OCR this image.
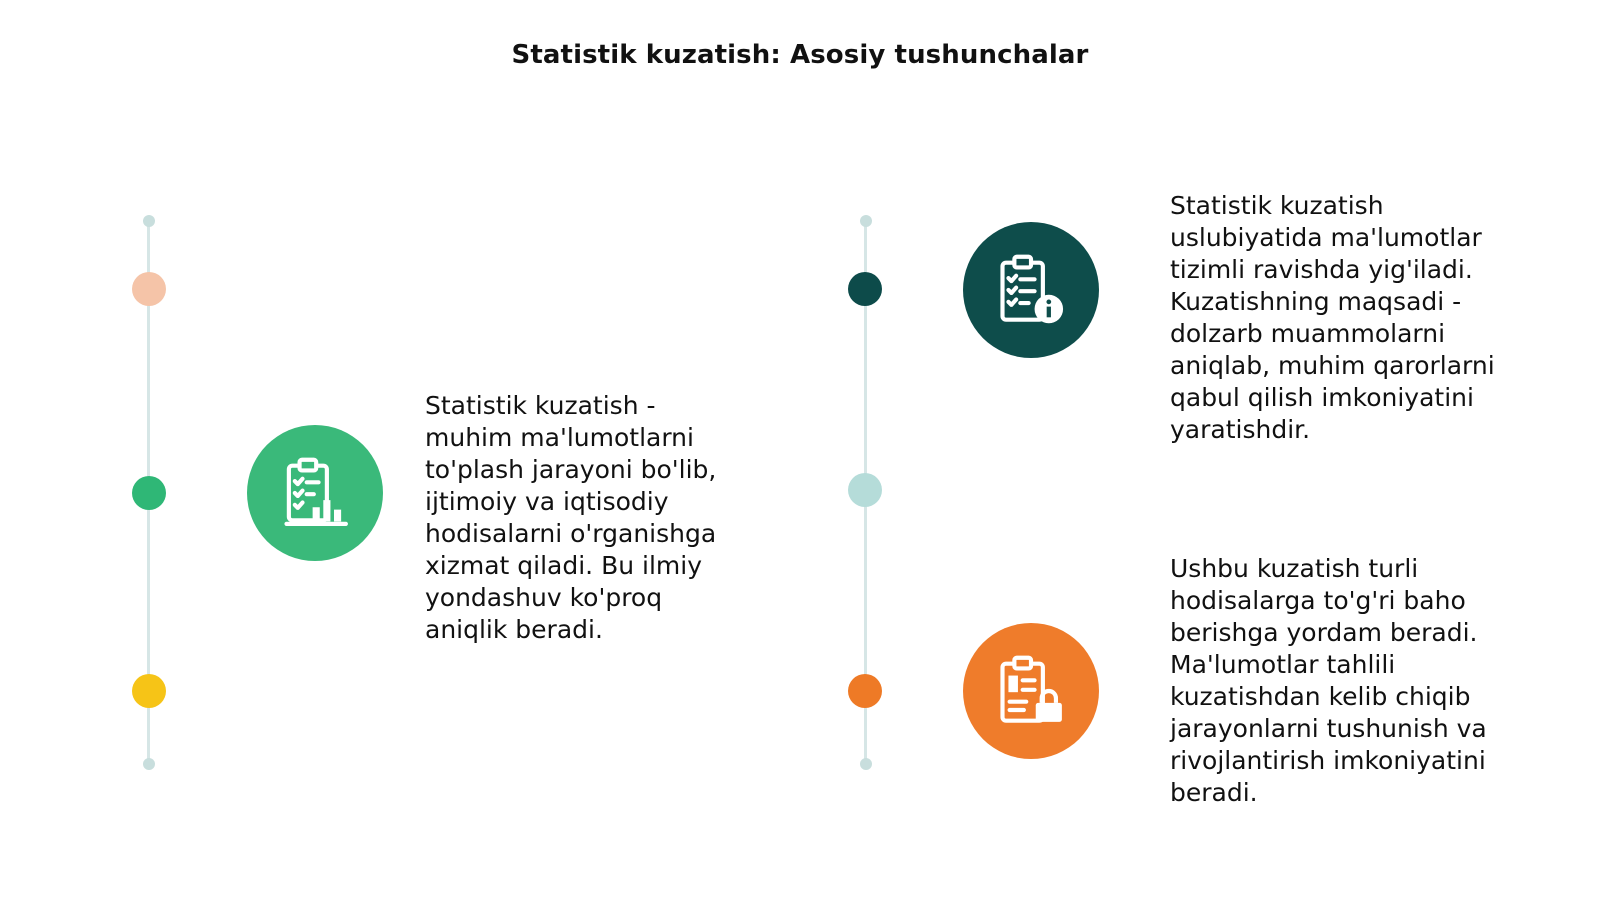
Statistik kuzatish: Asosiy tushunchalar
Statistik kuzatish -
muhim ma'lumotlarni
to'plash jarayoni bo'lib,
ijtimoiy va iqtisodiy
hodisalarni o'rganishga
xizmat qiladi. Bu ilmiy
yondashuv ko'proq
aniqlik beradi.
Statistik kuzatish
uslubiyatida ma'lumotlar
tizimli ravishda yig'iladi.
Kuzatishning maqsadi -
dolzarb muammolarni
aniqlab, muhim qarorlarni
qabul qilish imkoniyatini
yaratishdir.
Ushbu kuzatish turli
hodisalarga to'g'ri baho
berishga yordam beradi.
Ma'lumotlar tahlili
kuzatishdan kelib chiqib
jarayonlarni tushunish va
rivojlantirish imkoniyatini
beradi.
